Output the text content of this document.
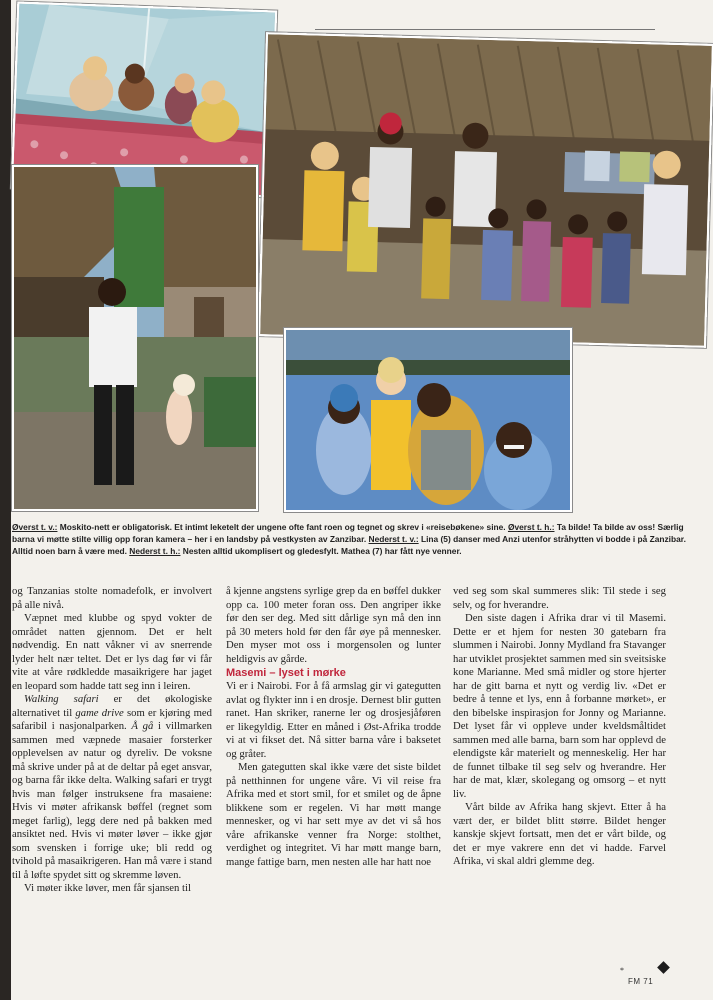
Øverst t. v.: Moskito-nett er obligatorisk. Et intimt leketelt der ungene ofte fant roen og tegnet og skrev i «reisebøkene» sine. Øverst t. h.: Ta bilde! Ta bilde av oss! Særlig barna vi møtte stilte villig opp foran kamera – her i en landsby på vestkysten av Zanzibar. Nederst t. v.: Lina (5) danser med Anzi utenfor stråhytten vi bodde i på Zanzibar. Alltid noen barn å være med. Nederst t. h.: Nesten alltid ukomplisert og gledesfylt. Mathea (7) har fått nye venner.

og Tanzanias stolte nomadefolk, er involvert på alle nivå.

Væpnet med klubbe og spyd vokter de området natten gjennom. Det er helt nødvendig. En natt våkner vi av snerrende lyder helt nær teltet. Det er lys dag før vi får vite at våre rødkledde masaikrigere har jaget en leopard som hadde tatt seg inn i leiren.

Walking safari er det økologiske alternativet til game drive som er kjøring med safaribil i nasjonalparken. Å gå i villmarken sammen med væpnede masaier forsterker opplevelsen av natur og dyreliv. De voksne må skrive under på at de deltar på eget ansvar, og barna får ikke delta. Walking safari er trygt hvis man følger instruksene fra masaiene: Hvis vi møter afrikansk bøffel (regnet som meget farlig), legg dere ned på bakken med ansiktet ned. Hvis vi møter løver – ikke gjør som svensken i forrige uke; bli redd og tvihold på masaikrigeren. Han må være i stand til å løfte spydet sitt og skremme løven.

Vi møter ikke løver, men får sjansen til

å kjenne angstens syrlige grep da en bøffel dukker opp ca. 100 meter foran oss. Den angriper ikke før den ser deg. Med sitt dårlige syn må den inn på 30 meters hold før den får øye på mennesker. Den myser mot oss i morgensolen og lunter heldigvis av gårde.

Masemi – lyset i mørke

Vi er i Nairobi. For å få armslag gir vi gategutten avlat og flykter inn i en drosje. Dernest blir gutten ranet. Han skriker, ranerne ler og drosjesjåføren er likegyldig. Etter en måned i Øst-Afrika trodde vi at vi fikset det. Nå sitter barna våre i baksetet og gråter.

Men gategutten skal ikke være det siste bildet på netthinnen for ungene våre. Vi vil reise fra Afrika med et stort smil, for et smilet og de åpne blikkene som er regelen. Vi har møtt mange mennesker, og vi har sett mye av det vi så hos våre afrikanske venner fra Norge: stolthet, verdighet og integritet. Vi har møtt mange barn, mange fattige barn, men nesten alle har hatt noe

ved seg som skal summeres slik: Til stede i seg selv, og for hverandre.

Den siste dagen i Afrika drar vi til Masemi. Dette er et hjem for nesten 30 gatebarn fra slummen i Nairobi. Jonny Mydland fra Stavanger har utviklet prosjektet sammen med sin sveitsiske kone Marianne. Med små midler og store hjerter har de gitt barna et nytt og verdig liv. «Det er bedre å tenne et lys, enn å forbanne mørket», er den bibelske inspirasjon for Jonny og Marianne. Det lyset får vi oppleve under kveldsmåltidet sammen med alle barna, barn som har opplevd de elendigste kår materielt og menneskelig. Her har de funnet tilbake til seg selv og hverandre. Her har de mat, klær, skolegang og omsorg – et nytt liv.

Vårt bilde av Afrika hang skjevt. Etter å ha vært der, er bildet blitt større. Bildet henger kanskje skjevt fortsatt, men det er vårt bilde, og det er mye vakrere enn det vi hadde. Farvel Afrika, vi skal aldri glemme deg.

*
FM 71
